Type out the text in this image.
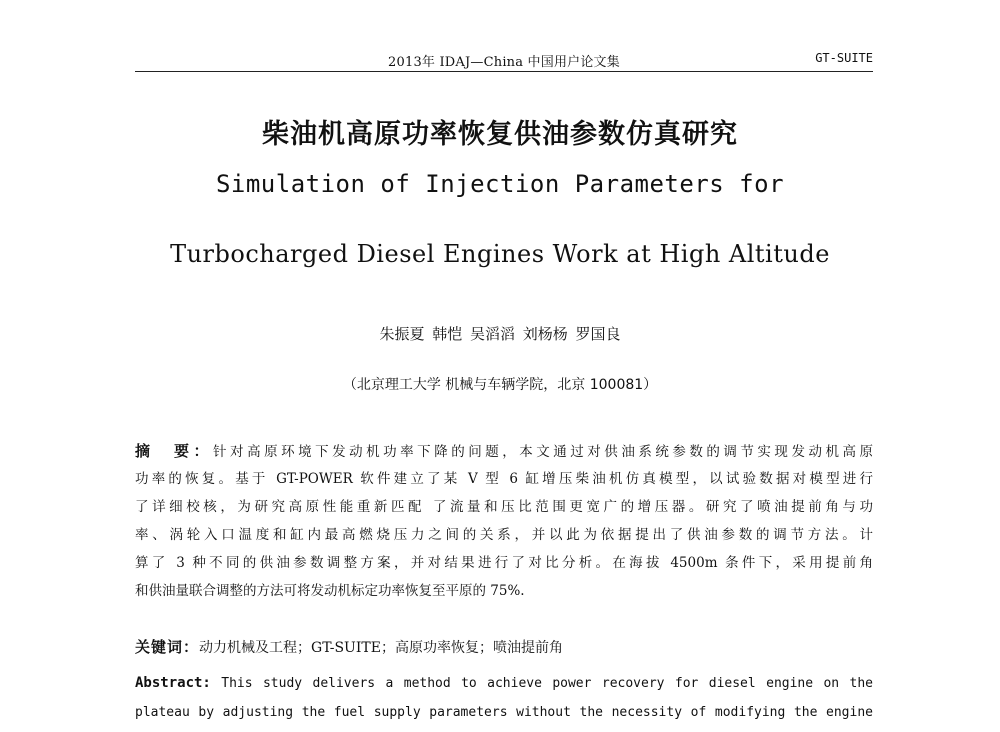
2013年 IDAJ—China 中国用户论文集	GT-SUITE
柴油机高原功率恢复供油参数仿真研究
Simulation of Injection Parameters for
Turbocharged Diesel Engines Work at High Altitude
朱振夏 韩恺 吴滔滔 刘杨杨 罗国良
（北京理工大学 机械与车辆学院，北京 100081）
摘　要：针对高原环境下发动机功率下降的问题，本文通过对供油系统参数的调节实现发动机高原
功率的恢复。基于 GT-POWER 软件建立了某 V 型 6 缸增压柴油机仿真模型，以试验数据对模型进行
了详细校核，为研究高原性能重新匹配 了流量和压比范围更宽广的增压器。研究了喷油提前角与功
率、涡轮入口温度和缸内最高燃烧压力之间的关系，并以此为依据提出了供油参数的调节方法。计
算了 3 种不同的供油参数调整方案，并对结果进行了对比分析。在海拔 4500m 条件下，采用提前角
和供油量联合调整的方法可将发动机标定功率恢复至平原的 75%.
关键词：动力机械及工程；GT-SUITE；高原功率恢复；喷油提前角
Abstract: This study delivers a method to achieve power recovery for diesel engine on the
plateau by adjusting the fuel supply parameters without the necessity of modifying the engine
